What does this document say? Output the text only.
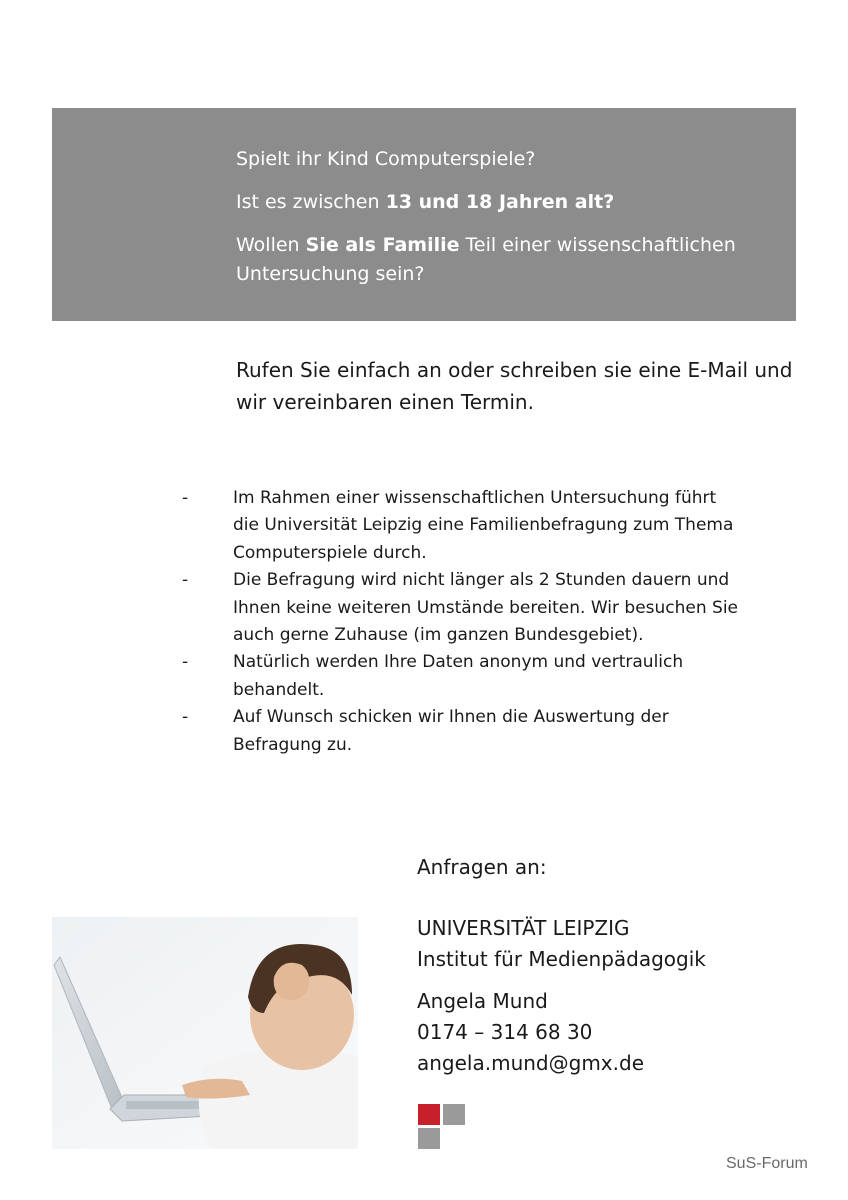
Spielt ihr Kind Computerspiele?

Ist es zwischen 13 und 18 Jahren alt?

Wollen Sie als Familie Teil einer wissenschaftlichen Untersuchung sein?

Rufen Sie einfach an oder schreiben sie eine E-Mail und wir vereinbaren einen Termin.
-	Im Rahmen einer wissenschaftlichen Untersuchung führt die Universität Leipzig eine Familienbefragung zum Thema Computerspiele durch.
-	Die Befragung wird nicht länger als 2 Stunden dauern und Ihnen keine weiteren Umstände bereiten. Wir besuchen Sie auch gerne Zuhause (im ganzen Bundesgebiet).
-	Natürlich werden Ihre Daten anonym und vertraulich behandelt.
-	Auf Wunsch schicken wir Ihnen die Auswertung der Befragung zu.
Anfragen an:
UNIVERSITÄT LEIPZIG
Institut für Medienpädagogik
Angela Mund
0174 – 314 68 30
angela.mund@gmx.de
SuS-Forum
